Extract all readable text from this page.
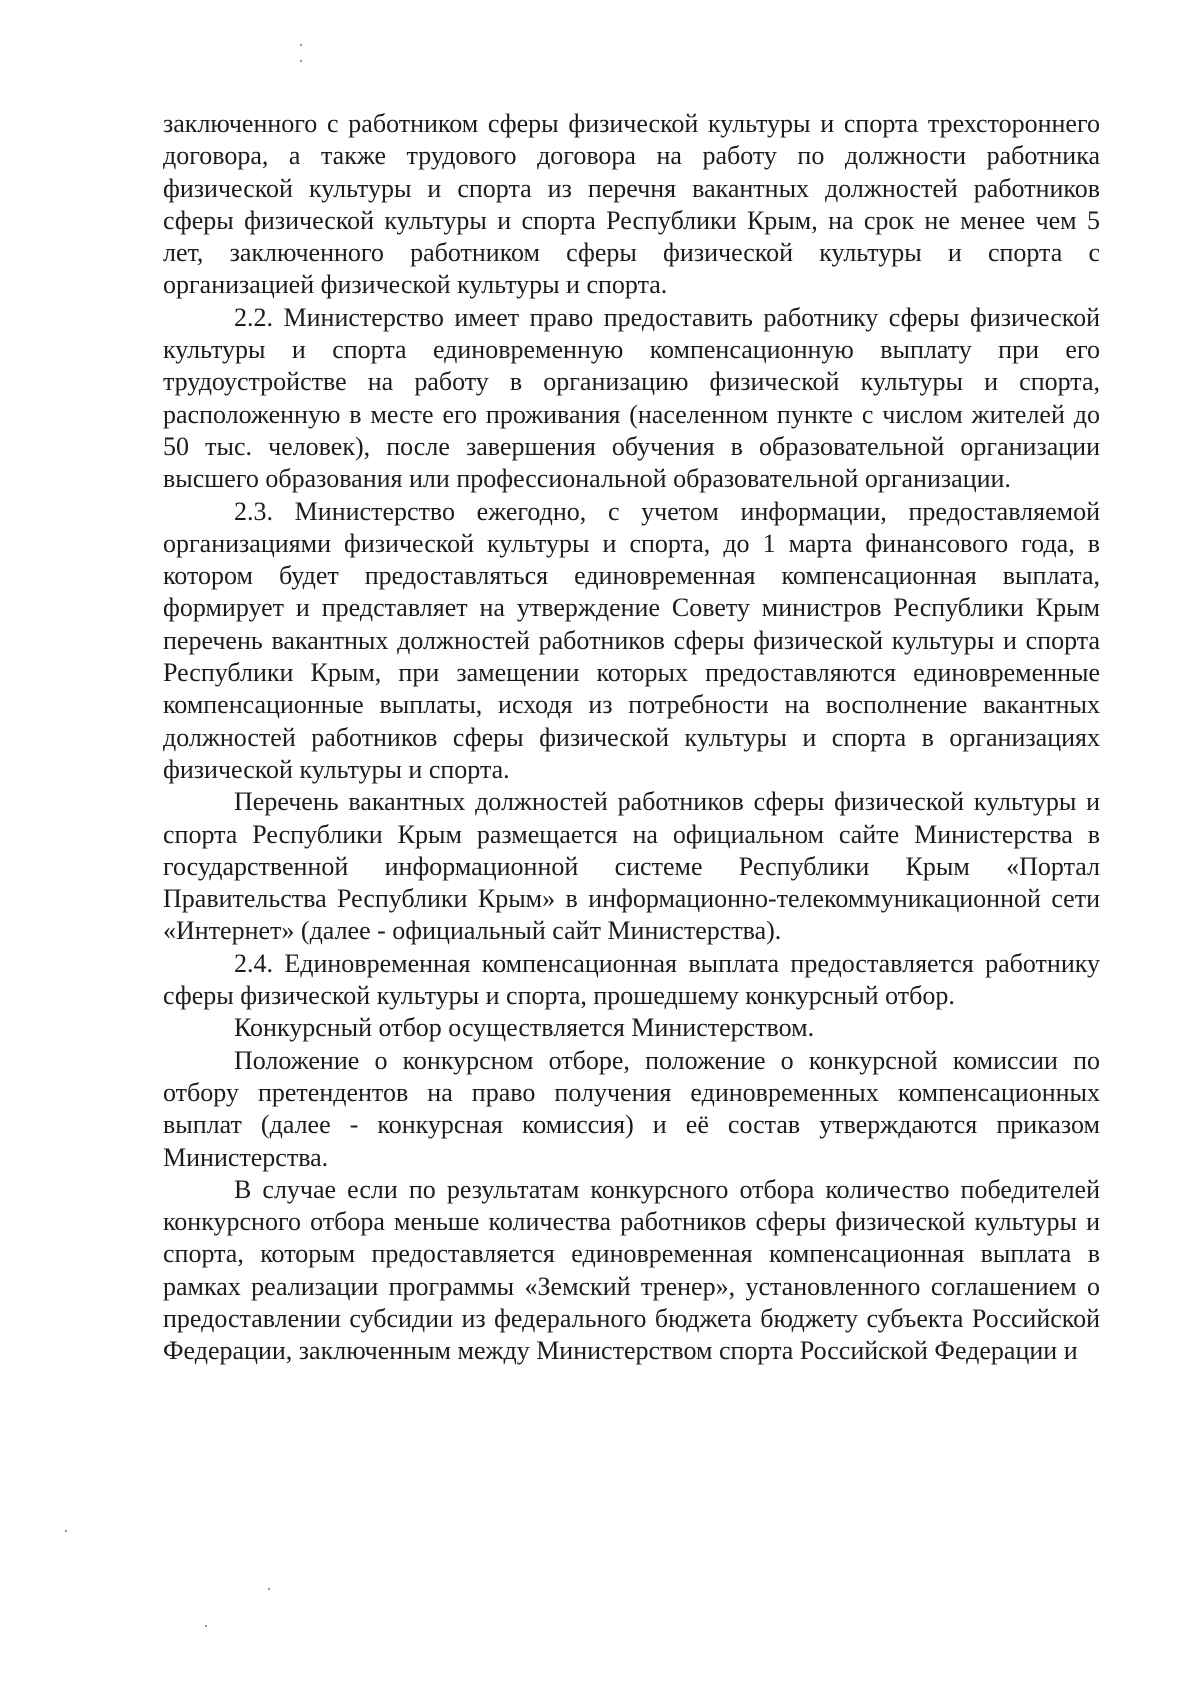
заключенного с работником сферы физической культуры и спорта трехстороннего договора, а также трудового договора на работу по должности работника физической культуры и спорта из перечня вакантных должностей работников сферы физической культуры и спорта Республики Крым, на срок не менее чем 5 лет, заключенного работником сферы физической культуры и спорта с организацией физической культуры и спорта.

2.2. Министерство имеет право предоставить работнику сферы физической культуры и спорта единовременную компенсационную выплату при его трудоустройстве на работу в организацию физической культуры и спорта, расположенную в месте его проживания (населенном пункте с числом жителей до 50 тыс. человек), после завершения обучения в образовательной организации высшего образования или профессиональной образовательной организации.

2.3. Министерство ежегодно, с учетом информации, предоставляемой организациями физической культуры и спорта, до 1 марта финансового года, в котором будет предоставляться единовременная компенсационная выплата, формирует и представляет на утверждение Совету министров Республики Крым перечень вакантных должностей работников сферы физической культуры и спорта Республики Крым, при замещении которых предоставляются единовременные компенсационные выплаты, исходя из потребности на восполнение вакантных должностей работников сферы физической культуры и спорта в организациях физической культуры и спорта.

Перечень вакантных должностей работников сферы физической культуры и спорта Республики Крым размещается на официальном сайте Министерства в государственной информационной системе Республики Крым «Портал Правительства Республики Крым» в информационно-телекоммуникационной сети «Интернет» (далее - официальный сайт Министерства).

2.4. Единовременная компенсационная выплата предоставляется работнику сферы физической культуры и спорта, прошедшему конкурсный отбор.

Конкурсный отбор осуществляется Министерством.

Положение о конкурсном отборе, положение о конкурсной комиссии по отбору претендентов на право получения единовременных компенсационных выплат (далее - конкурсная комиссия) и её состав утверждаются приказом Министерства.

В случае если по результатам конкурсного отбора количество победителей конкурсного отбора меньше количества работников сферы физической культуры и спорта, которым предоставляется единовременная компенсационная выплата в рамках реализации программы «Земский тренер», установленного соглашением о предоставлении субсидии из федерального бюджета бюджету субъекта Российской Федерации, заключенным между Министерством спорта Российской Федерации и
